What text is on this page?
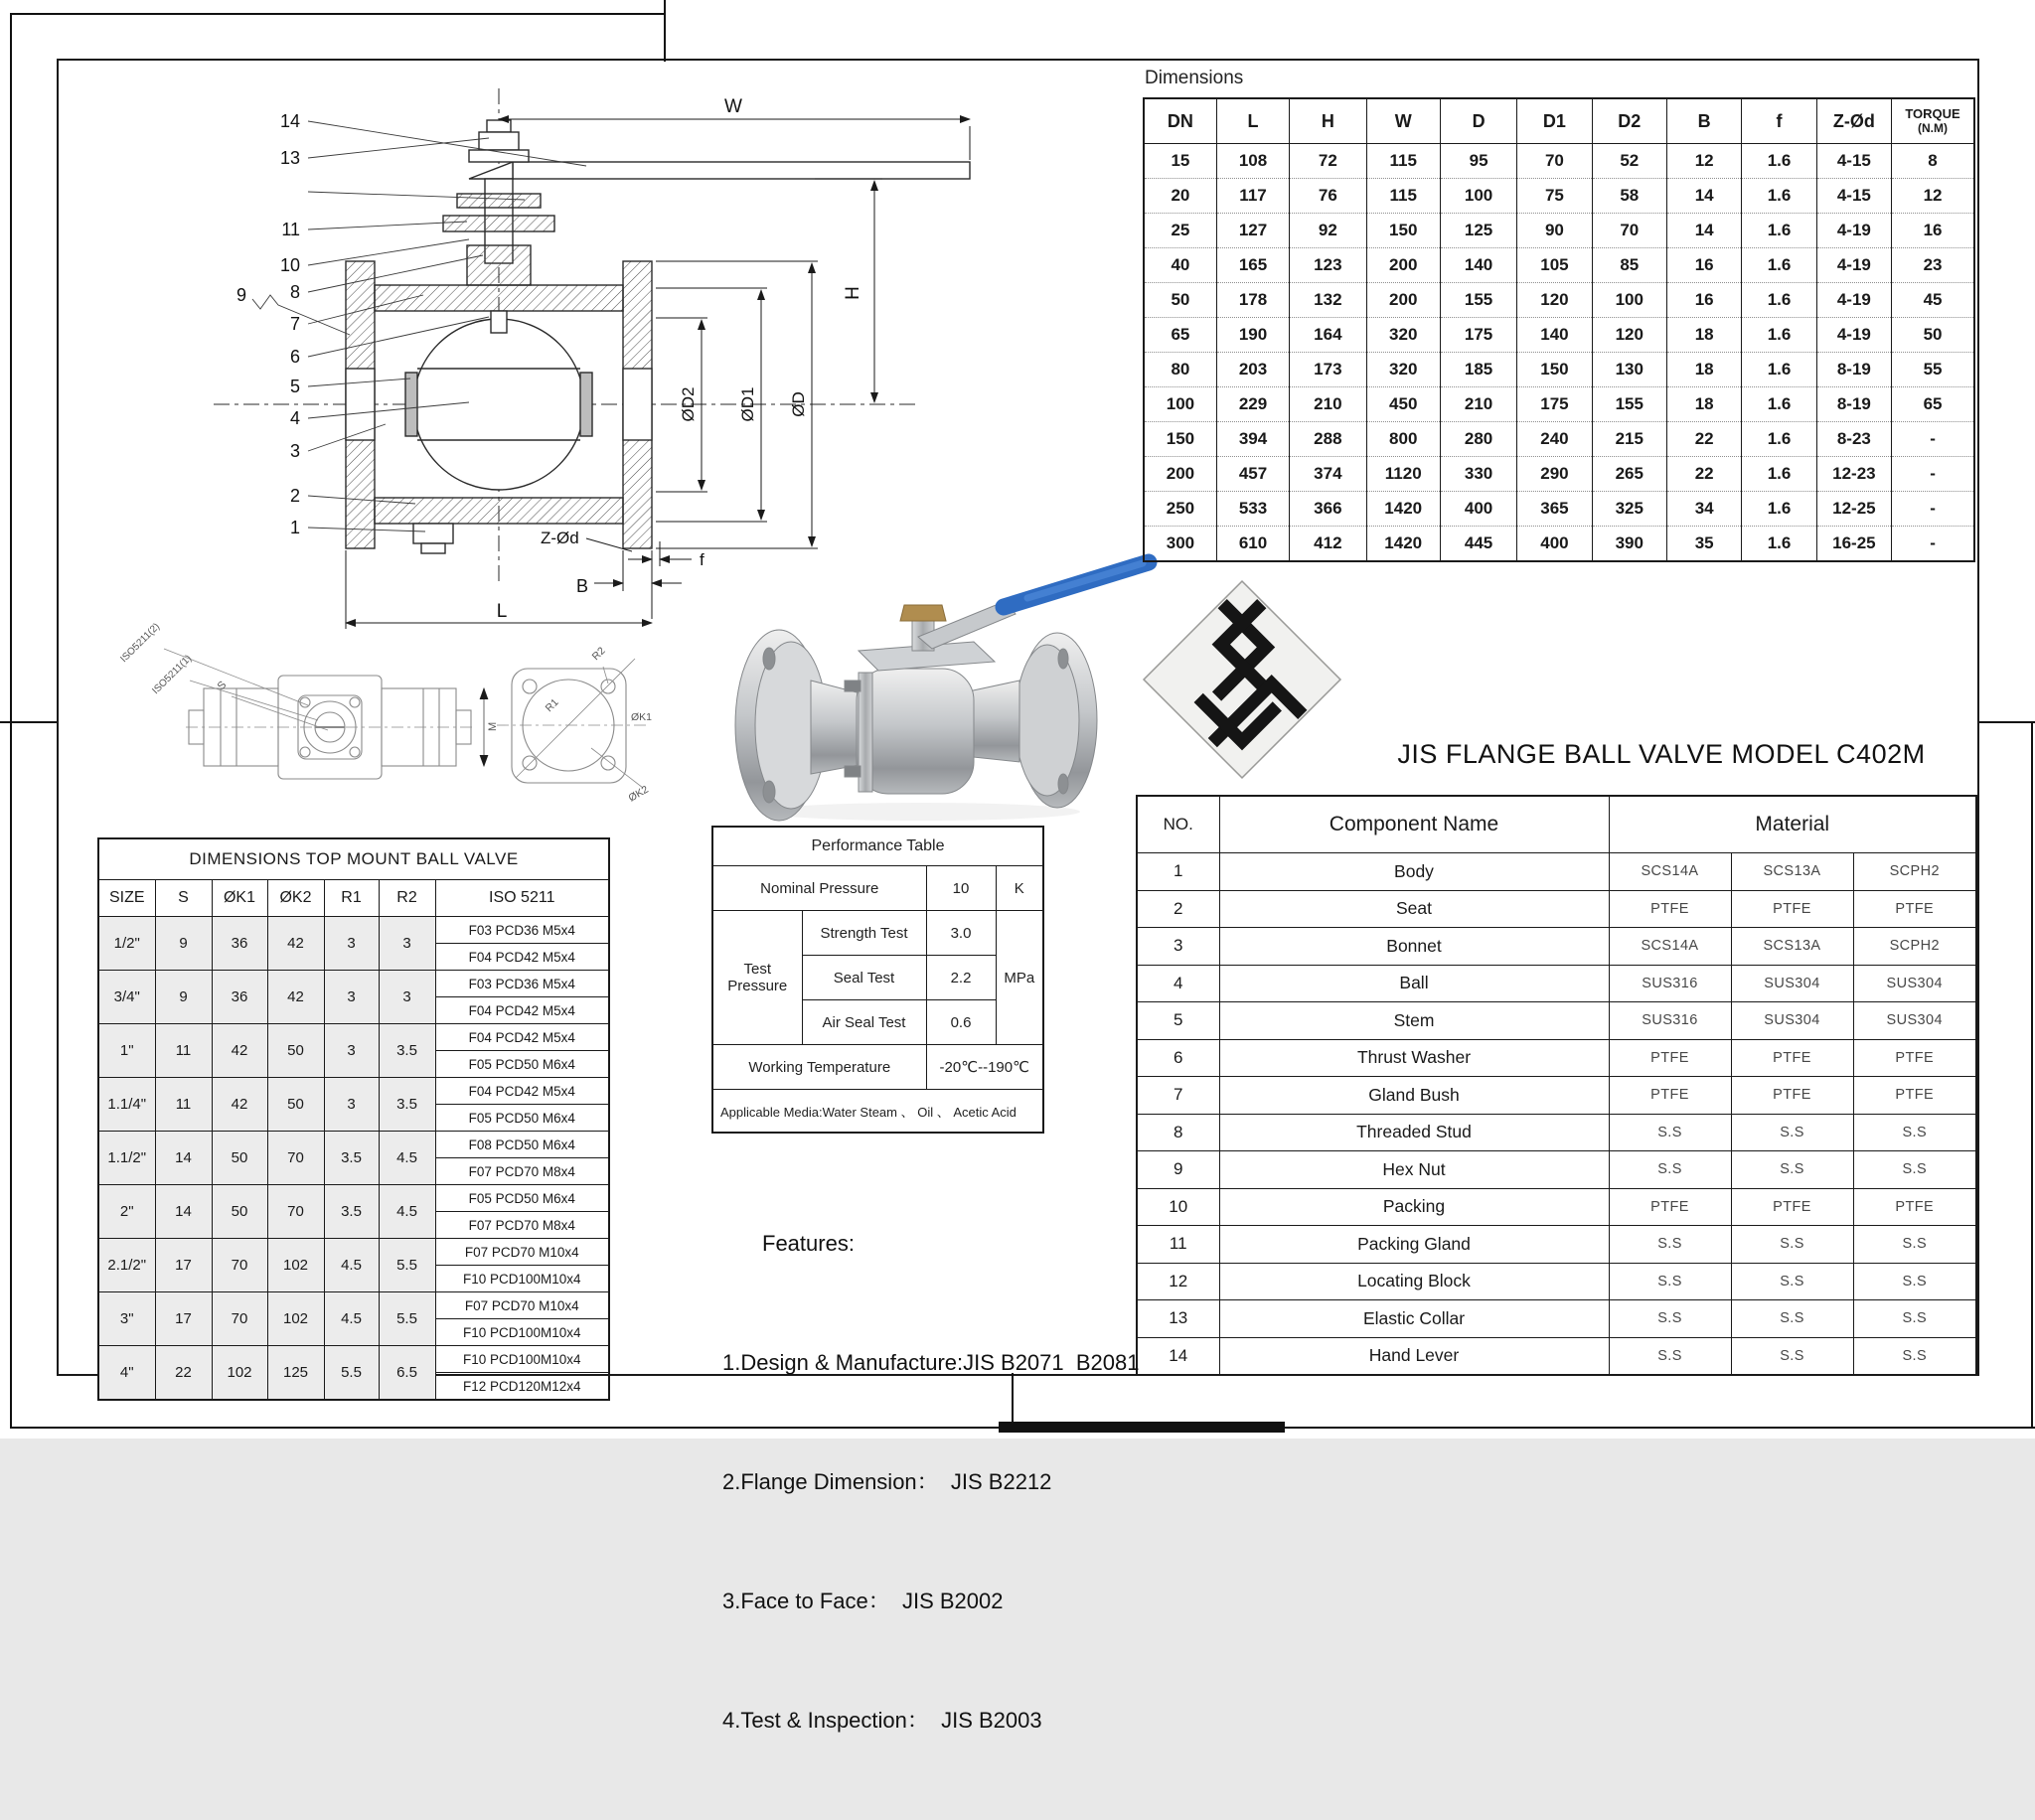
14
13
11
10
9 8
7
6
5
4
3
2
1
W
H
ØD2 ØD1 ØD
Z-Ød
B
f
L
ISO5211(2)
ISO5211(1) S
M
R2
R1
ØK1
ØK2
Dimensions
DN	L	H	W	D	D1	D2	B	f	Z-Ød	TORQUE
(N.M)

15	108	72	115	95	70	52	12	1.6	4-15	8
20	117	76	115	100	75	58	14	1.6	4-15	12
25	127	92	150	125	90	70	14	1.6	4-19	16
40	165	123	200	140	105	85	16	1.6	4-19	23
50	178	132	200	155	120	100	16	1.6	4-19	45
65	190	164	320	175	140	120	18	1.6	4-19	50
80	203	173	320	185	150	130	18	1.6	8-19	55
100	229	210	450	210	175	155	18	1.6	8-19	65
150	394	288	800	280	240	215	22	1.6	8-23	-
200	457	374	1120	330	290	265	22	1.6	12-23	-
250	533	366	1420	400	365	325	34	1.6	12-25	-
300	610	412	1420	445	400	390	35	1.6	16-25	-
JIS FLANGE BALL VALVE MODEL C402M
NO.	Component Name	Material		
1	Body	SCS14A	SCS13A	SCPH2
2	Seat	PTFE	PTFE	PTFE
3	Bonnet	SCS14A	SCS13A	SCPH2
4	Ball	SUS316	SUS304	SUS304
5	Stem	SUS316	SUS304	SUS304
6	Thrust Washer	PTFE	PTFE	PTFE
7	Gland Bush	PTFE	PTFE	PTFE
8	Threaded Stud	S.S	S.S	S.S
9	Hex Nut	S.S	S.S	S.S
10	Packing	PTFE	PTFE	PTFE
11	Packing Gland	S.S	S.S	S.S
12	Locating Block	S.S	S.S	S.S
13	Elastic Collar	S.S	S.S	S.S
14	Hand Lever	S.S	S.S	S.S
DIMENSIONS TOP MOUNT BALL VALVE						
SIZE	S	ØK1	ØK2	R1	R2	ISO 5211
1/2"	9	36	42	3	3	F03 PCD36 M5x4
						F04 PCD42 M5x4
3/4"	9	36	42	3	3	F03 PCD36 M5x4
						F04 PCD42 M5x4
1"	11	42	50	3	3.5	F04 PCD42 M5x4
						F05 PCD50 M6x4
1.1/4"	11	42	50	3	3.5	F04 PCD42 M5x4
						F05 PCD50 M6x4
1.1/2"	14	50	70	3.5	4.5	F08 PCD50 M6x4
						F07 PCD70 M8x4
2"	14	50	70	3.5	4.5	F05 PCD50 M6x4
						F07 PCD70 M8x4
2.1/2"	17	70	102	4.5	5.5	F07 PCD70 M10x4
						F10 PCD100M10x4
3"	17	70	102	4.5	5.5	F07 PCD70 M10x4
						F10 PCD100M10x4
4"	22	102	125	5.5	6.5	F10 PCD100M10x4
						F12 PCD120M12x4
Performance Table			
Nominal Pressure		10	K
Test Pressure	Strength Test	3.0	MPa
	Seal Test	2.2	
	Air Seal Test	0.6	
Working Temperature		-20℃--190℃	
Applicable Media:Water Steam 、 Oil 、 Acetic Acid			

Features:

1.Design & Manufacture:JIS B2071  B2081

2.Flange Dimension：  JIS B2212

3.Face to Face：  JIS B2002

4.Test & Inspection：  JIS B2003
